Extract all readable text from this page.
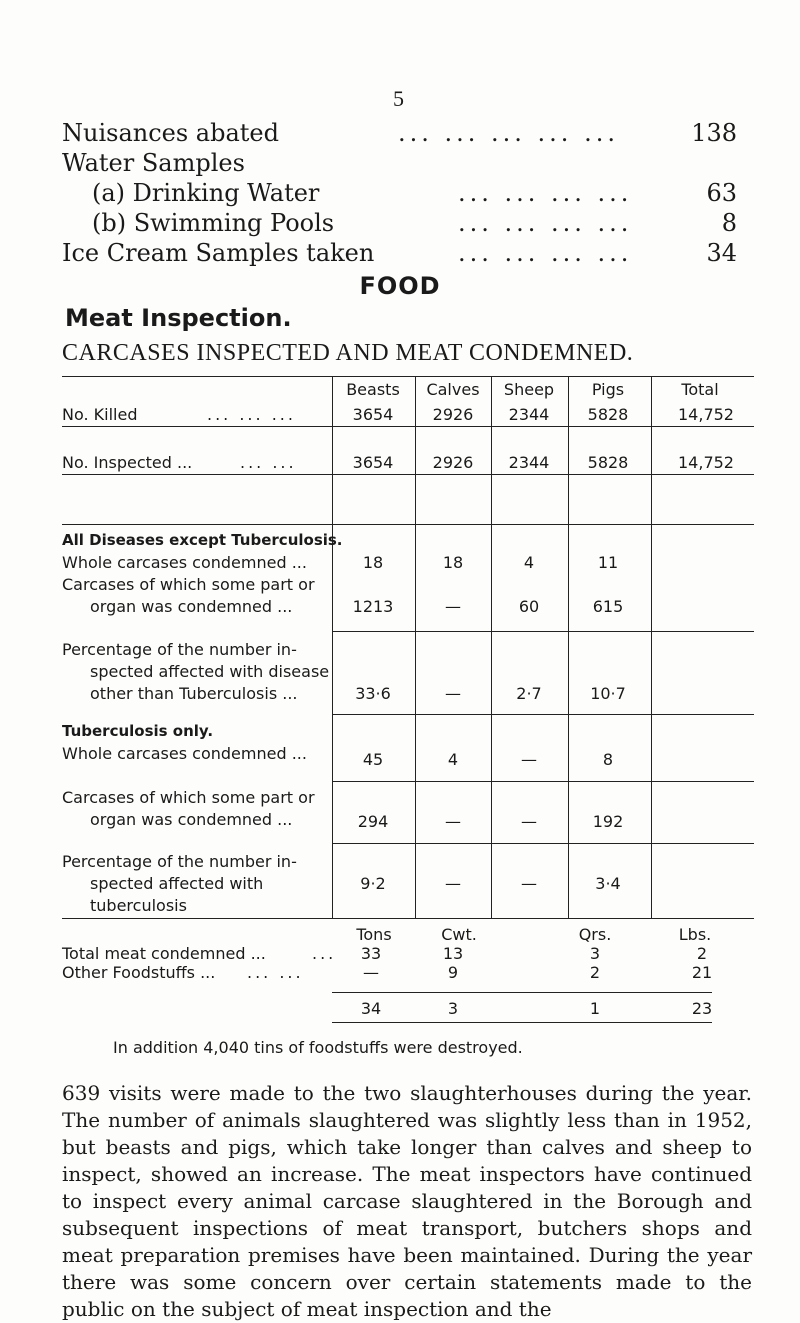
5
Nuisances abated	... ... ... ... ...	138
Water Samples
(a) Drinking Water	... ... ... ...	63
(b) Swimming Pools	... ... ... ...	8
Ice Cream Samples taken	... ... ... ...	34
FOOD
Meat Inspection.
CARCASES INSPECTED AND MEAT CONDEMNED.
Beasts	Calves	Sheep	Pigs	Total
No. Killed	... ... ...	3654	2926	2344	5828	14,752
No. Inspected ...	... ...	3654	2926	2344	5828	14,752
All Diseases except Tuberculosis.
Whole carcases condemned ...	18	18	4	11
Carcases of which some part or
organ was condemned ...	1213	—	60	615
Percentage of the number in-
spected affected with disease
other than Tuberculosis ...	33·6	—	2·7	10·7
Tuberculosis only.
Whole carcases condemned ...	45	4	—	8
Carcases of which some part or
organ was condemned ...	294	—	—	192
Percentage of the number in-
spected affected with
tuberculosis
9·2	—	—	3·4
Tons	Cwt.	Qrs.	Lbs.
Total meat condemned ...	...	33	13	3	2
Other Foodstuffs ... ... ...	—	9	2	21
34	3	1	23
In addition 4,040 tins of foodstuffs were destroyed.

639 visits were made to the two slaughterhouses during the year. The number of animals slaughtered was slightly less than in 1952, but beasts and pigs, which take longer than calves and sheep to inspect, showed an increase. The meat inspectors have continued to inspect every animal carcase slaughtered in the Borough and subsequent inspections of meat transport, butchers shops and meat preparation premises have been maintained. During the year there was some concern over certain statements made to the public on the subject of meat inspection and the
